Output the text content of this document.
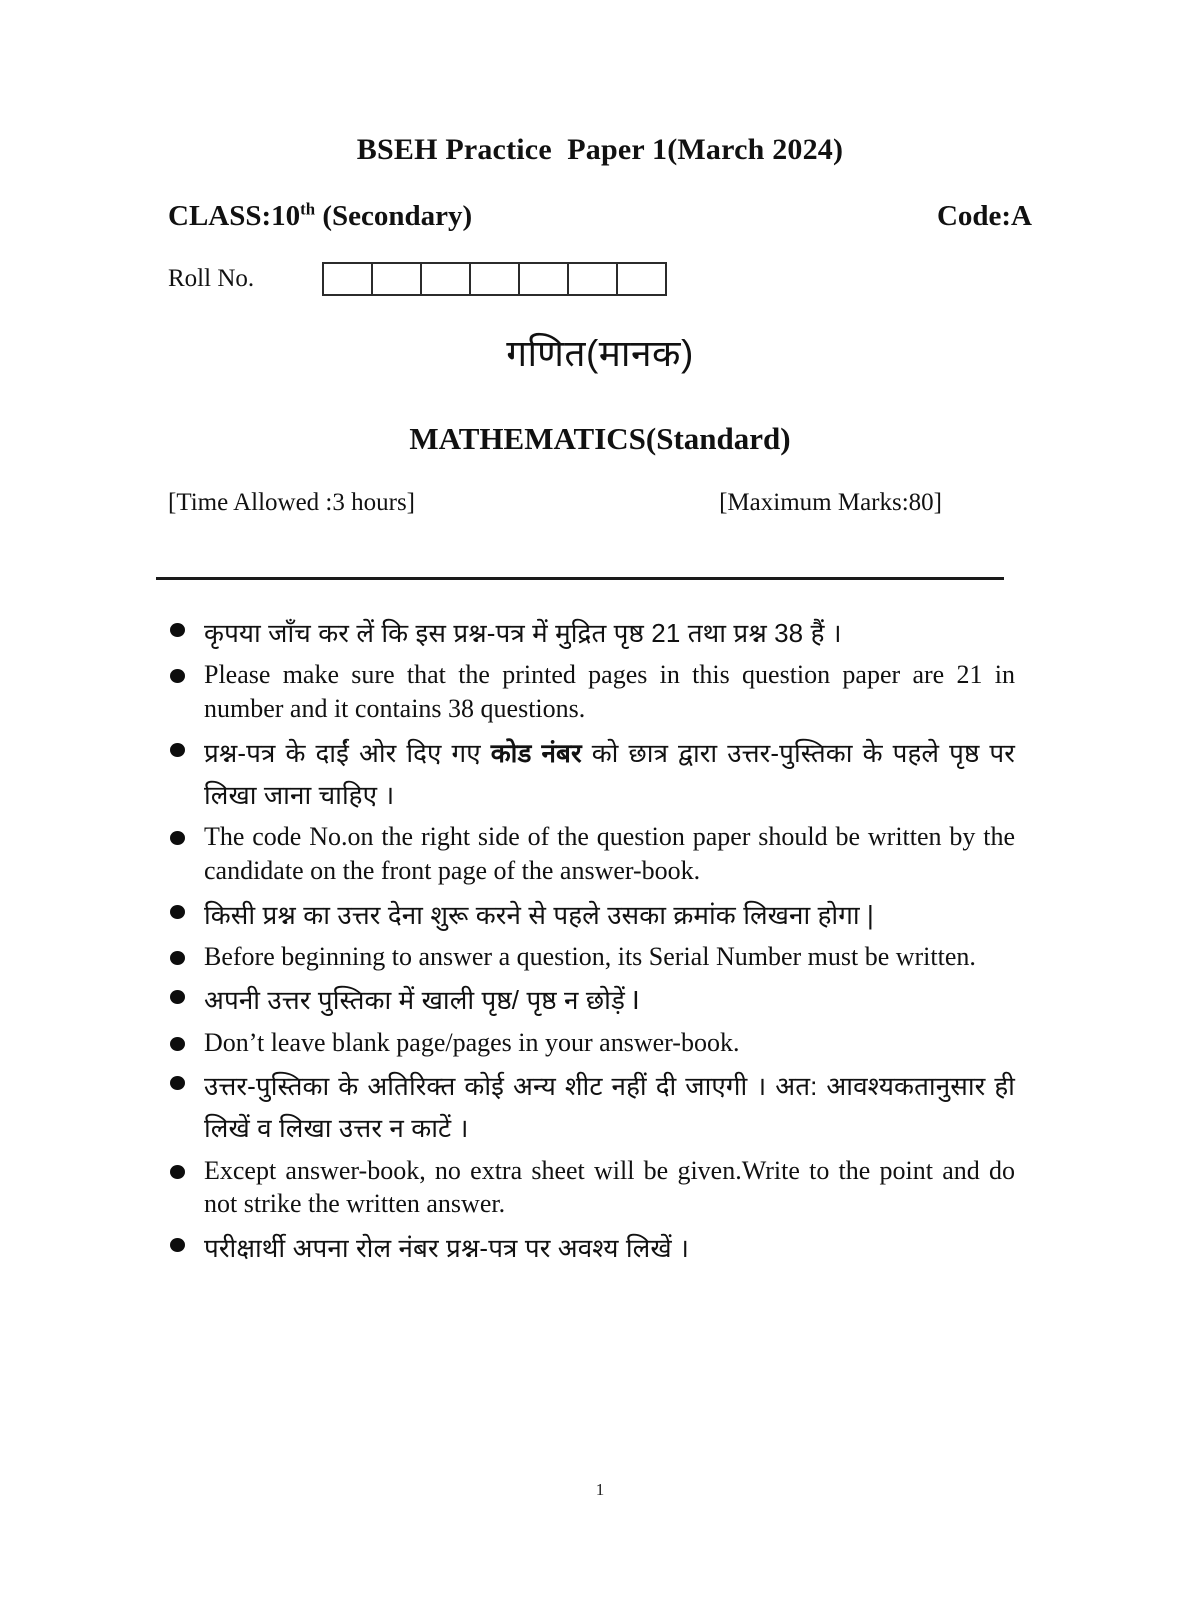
BSEH Practice  Paper 1(March 2024)
CLASS:10th (Secondary)	Code:A
Roll No.
गणित(मानक)
MATHEMATICS(Standard)
[Time Allowed :3 hours]	[Maximum Marks:80]
कृपया जाँच कर लें कि इस प्रश्न-पत्र में मुद्रित पृष्ठ 21 तथा प्रश्न 38 हैं ।
Please make sure that the printed pages in this question paper are 21 in number and it contains 38 questions.
प्रश्न-पत्र के दाईं ओर दिए गए कोड नंबर को छात्र द्वारा उत्तर-पुस्तिका के पहले पृष्ठ पर लिखा जाना चाहिए ।
The code No.on the right side of the question paper should be written by the candidate on the front page of the answer-book.
किसी प्रश्न का उत्तर देना शुरू करने से पहले उसका क्रमांक लिखना होगा |
Before beginning to answer a question, its Serial Number must be written.
अपनी उत्तर पुस्तिका में खाली पृष्ठ/ पृष्ठ न छोड़ें I
Don’t leave blank page/pages in your answer-book.
उत्तर-पुस्तिका के अतिरिक्त कोई अन्य शीट नहीं दी जाएगी । अत: आवश्यकतानुसार ही लिखें व लिखा उत्तर न काटें ।
Except answer-book, no extra sheet will be given.Write to the point and do not strike the written answer.
परीक्षार्थी अपना रोल नंबर प्रश्न-पत्र पर अवश्य लिखें ।
1
